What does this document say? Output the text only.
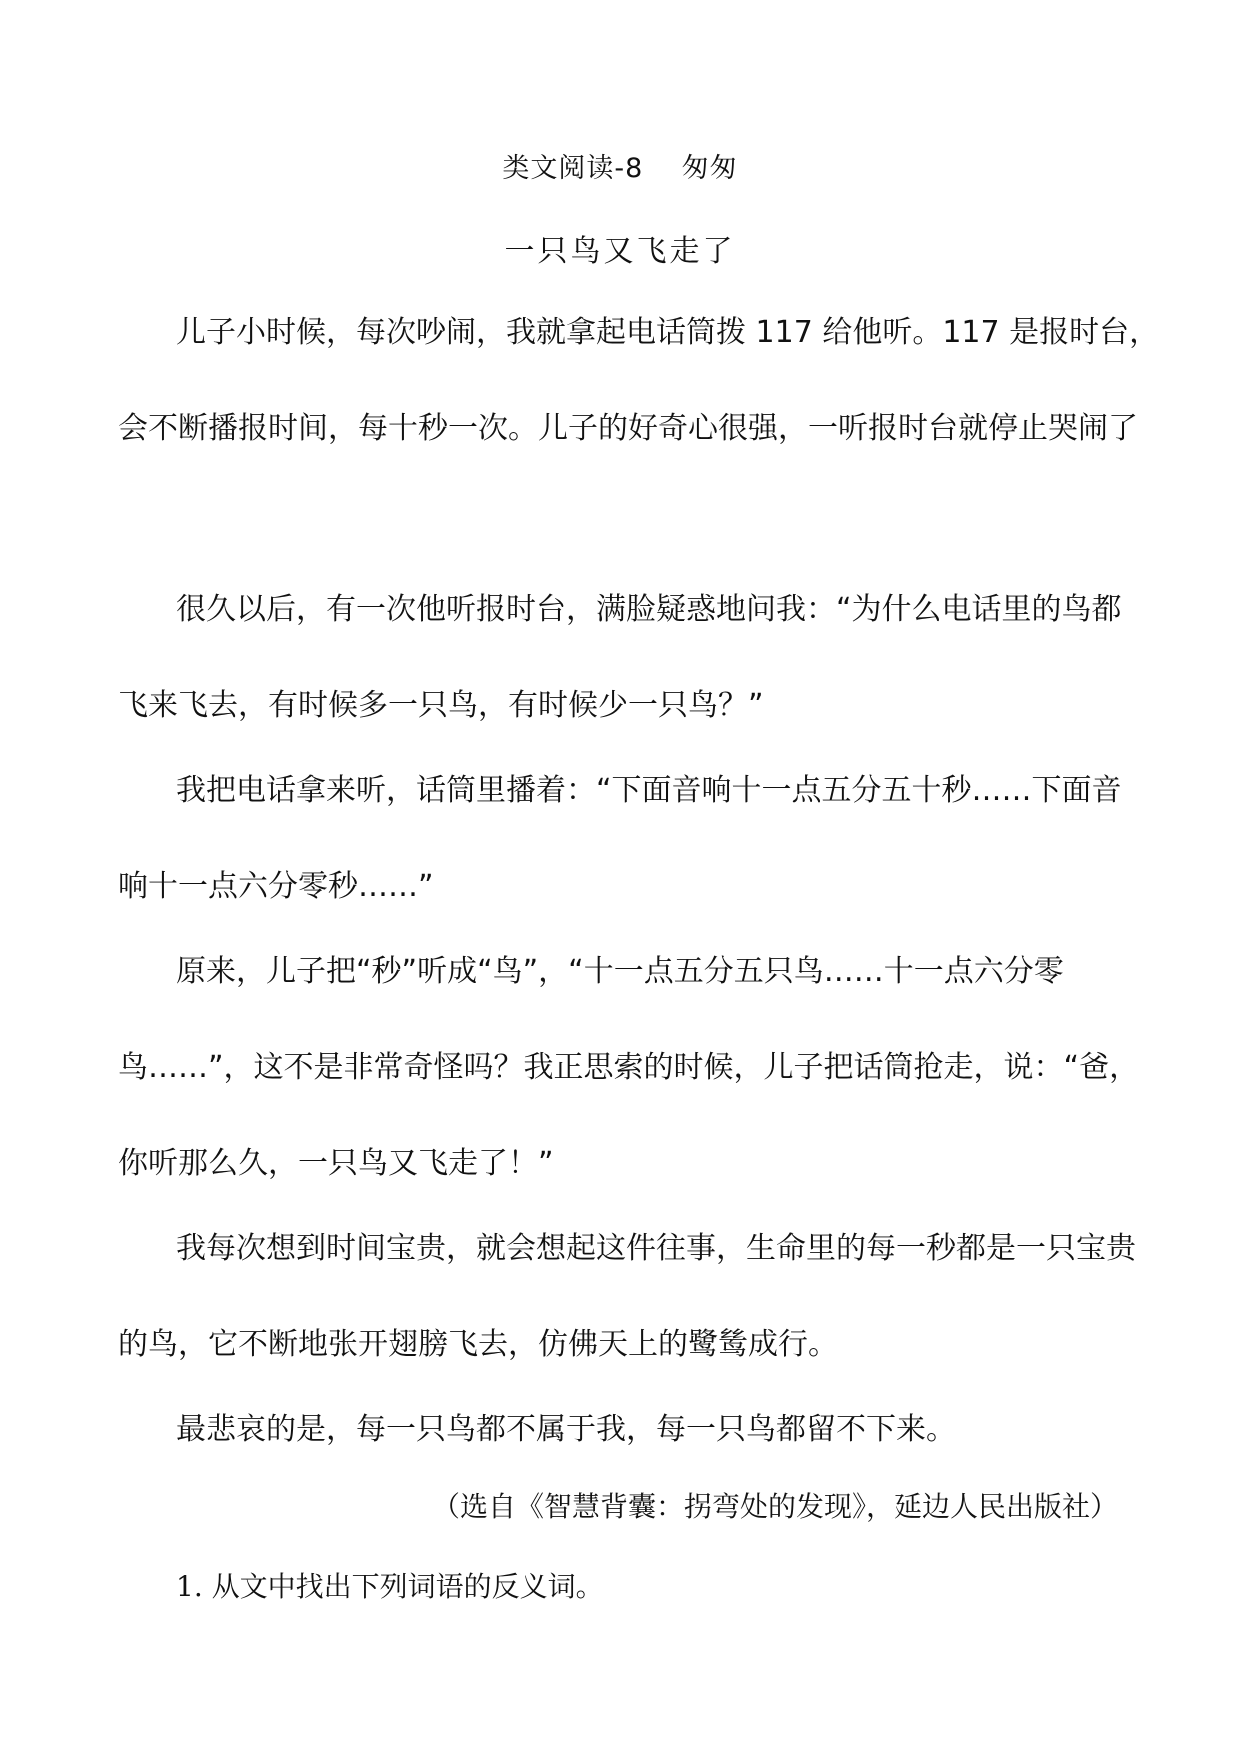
类文阅读-8    匆匆
一只鸟又飞走了
儿子小时候，每次吵闹，我就拿起电话筒拨 117 给他听。117 是报时台，
会不断播报时间，每十秒一次。儿子的好奇心很强，一听报时台就停止哭闹了
很久以后，有一次他听报时台，满脸疑惑地问我：“为什么电话里的鸟都
飞来飞去，有时候多一只鸟，有时候少一只鸟？”
我把电话拿来听，话筒里播着：“下面音响十一点五分五十秒……下面音
响十一点六分零秒……”
原来，儿子把“秒”听成“鸟”，“十一点五分五只鸟……十一点六分零
鸟……”，这不是非常奇怪吗？我正思索的时候，儿子把话筒抢走，说：“爸，
你听那么久，一只鸟又飞走了！”
我每次想到时间宝贵，就会想起这件往事，生命里的每一秒都是一只宝贵
的鸟，它不断地张开翅膀飞去，仿佛天上的鹭鸶成行。
最悲哀的是，每一只鸟都不属于我，每一只鸟都留不下来。
（选自《智慧背囊：拐弯处的发现》，延边人民出版社）
1. 从文中找出下列词语的反义词。
